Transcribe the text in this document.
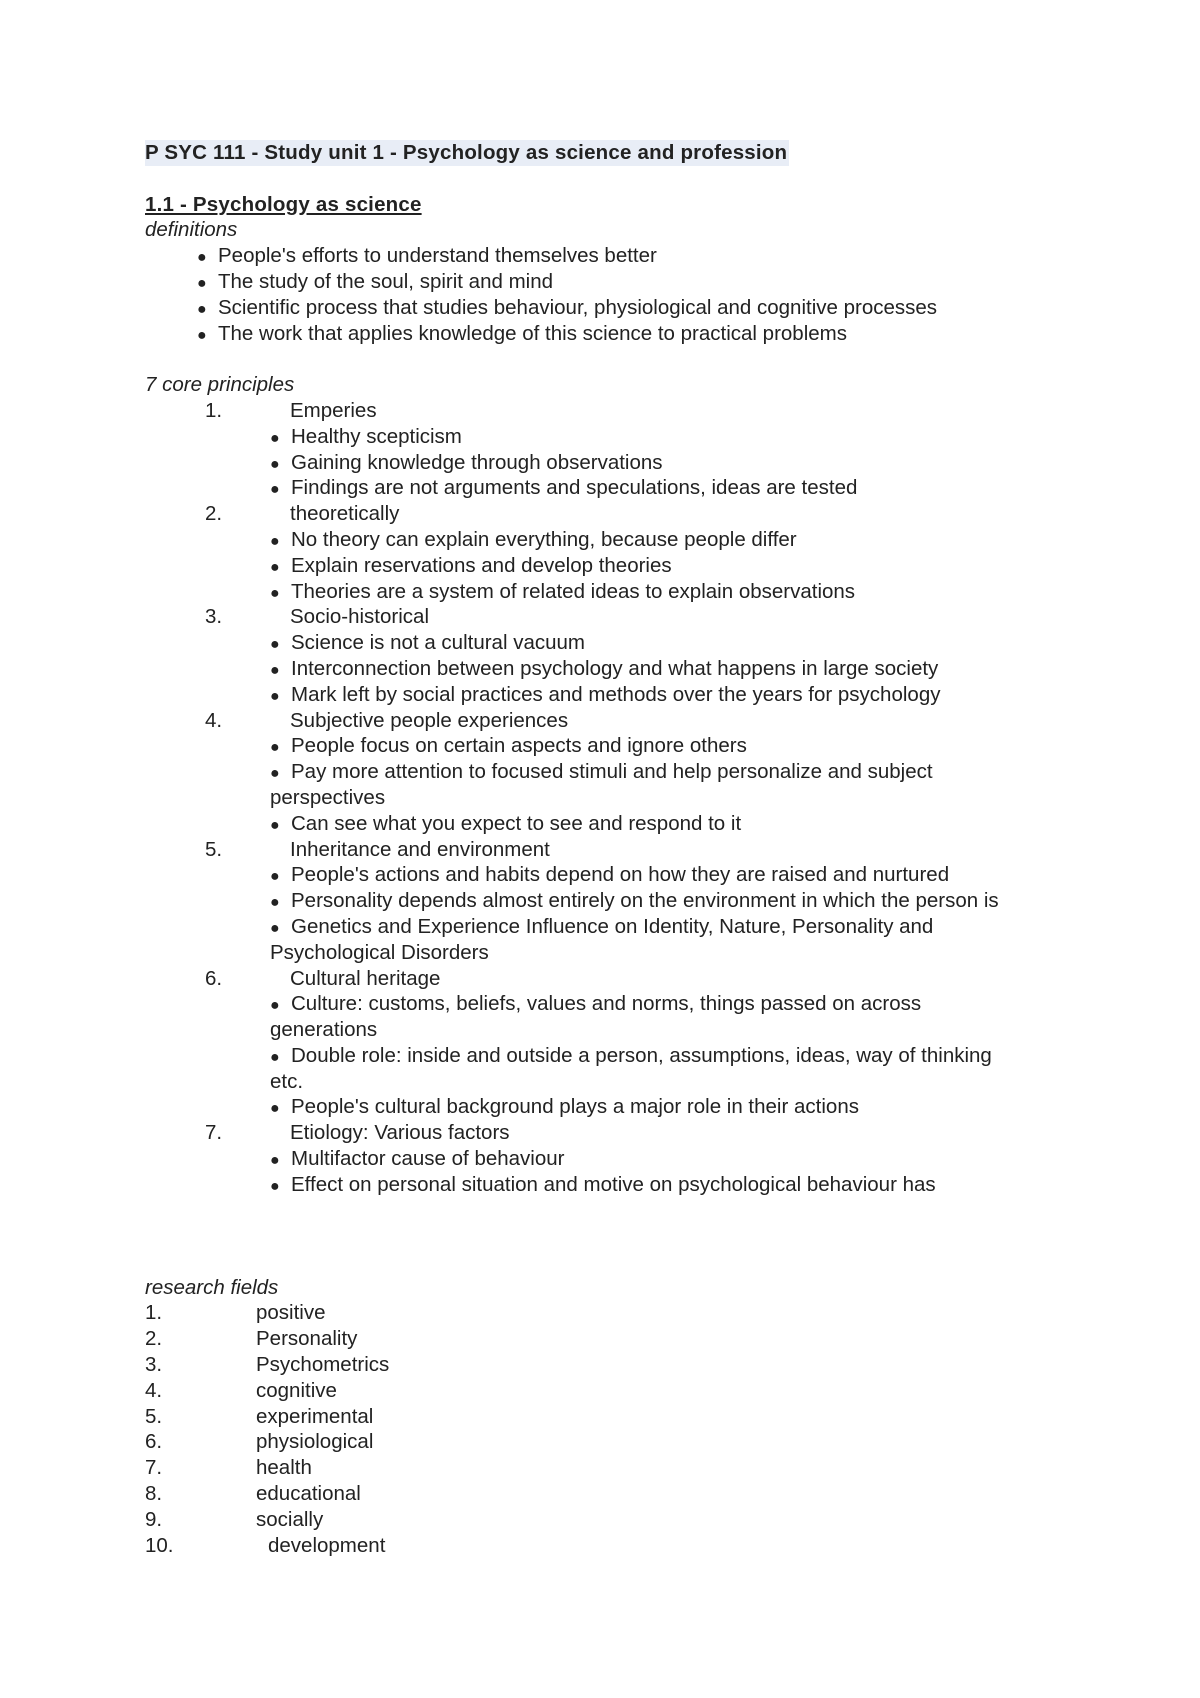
P SYC 111 - Study unit 1 - Psychology as science and profession
1.1 - Psychology as science
definitions
● People's efforts to understand themselves better
● The study of the soul, spirit and mind
● Scientific process that studies behaviour, physiological and cognitive processes
● The work that applies knowledge of this science to practical problems
7 core principles
1.	Emperies
● Healthy scepticism
● Gaining knowledge through observations
● Findings are not arguments and speculations, ideas are tested
2.	theoretically
● No theory can explain everything, because people differ
● Explain reservations and develop theories
● Theories are a system of related ideas to explain observations
3.	Socio-historical
● Science is not a cultural vacuum
● Interconnection between psychology and what happens in large society
● Mark left by social practices and methods over the years for psychology
4.	Subjective people experiences
● People focus on certain aspects and ignore others
● Pay more attention to focused stimuli and help personalize and subject
perspectives
● Can see what you expect to see and respond to it
5.	Inheritance and environment
● People's actions and habits depend on how they are raised and nurtured
● Personality depends almost entirely on the environment in which the person is
● Genetics and Experience Influence on Identity, Nature, Personality and
Psychological Disorders
6.	Cultural heritage
● Culture: customs, beliefs, values and norms, things passed on across
generations
● Double role: inside and outside a person, assumptions, ideas, way of thinking
etc.
● People's cultural background plays a major role in their actions
7.	Etiology: Various factors
● Multifactor cause of behaviour
● Effect on personal situation and motive on psychological behaviour has
research fields
1.	positive
2.	Personality
3.	Psychometrics
4.	cognitive
5.	experimental
6.	physiological
7.	health
8.	educational
9.	socially
10.	development
